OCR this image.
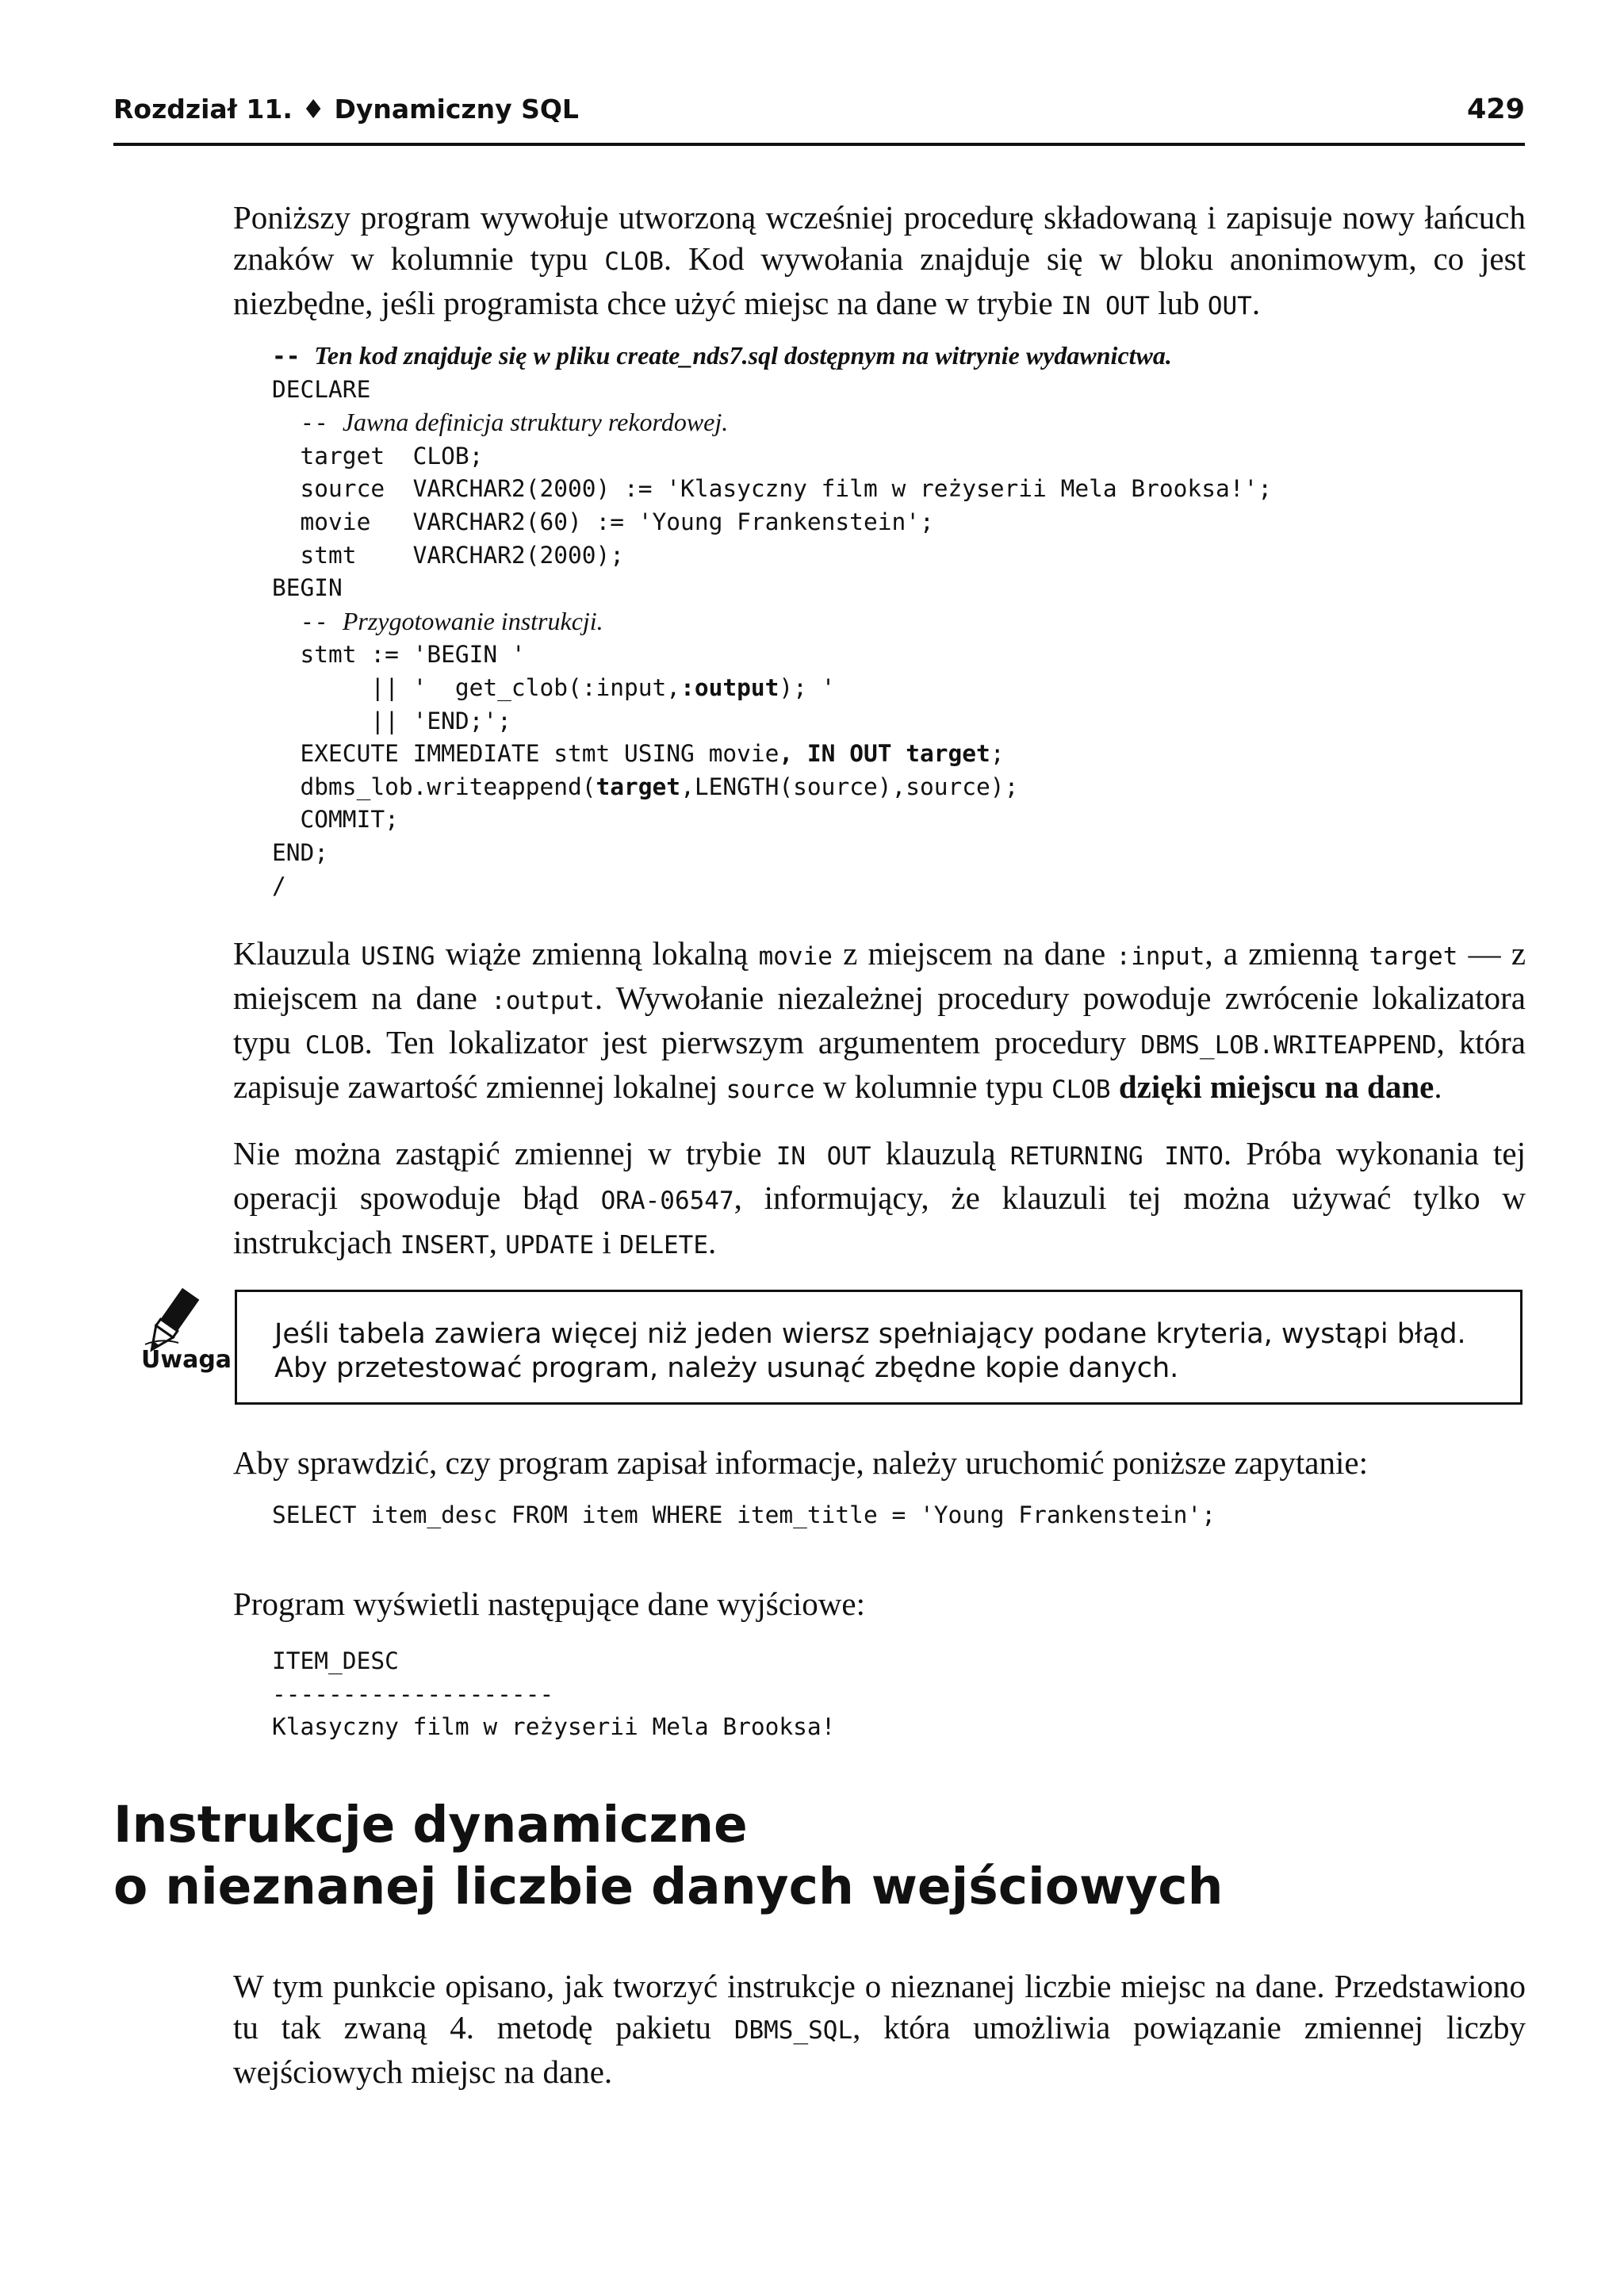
Rozdział 11. ♦ Dynamiczny SQL	429
Poniższy program wywołuje utworzoną wcześniej procedurę składowaną i zapisuje nowy łańcuch znaków w kolumnie typu CLOB. Kod wywołania znajduje się w bloku anonimowym, co jest niezbędne, jeśli programista chce użyć miejsc na dane w trybie IN OUT lub OUT.
-- Ten kod znajduje się w pliku create_nds7.sql dostępnym na witrynie wydawnictwa.
DECLARE
-- Jawna definicja struktury rekordowej.
target  CLOB;
source  VARCHAR2(2000) := 'Klasyczny film w reżyserii Mela Brooksa!';
movie   VARCHAR2(60) := 'Young Frankenstein';
stmt    VARCHAR2(2000);
BEGIN
-- Przygotowanie instrukcji.
stmt := 'BEGIN '
|| '  get_clob(:input,:output); '
|| 'END;';
EXECUTE IMMEDIATE stmt USING movie, IN OUT target;
dbms_lob.writeappend(target,LENGTH(source),source);
COMMIT;
END;
/
Klauzula USING wiąże zmienną lokalną movie z miejscem na dane :input, a zmienną target — z miejscem na dane :output. Wywołanie niezależnej procedury powoduje zwrócenie lokalizatora typu CLOB. Ten lokalizator jest pierwszym argumentem procedury DBMS_LOB.WRITEAPPEND, która zapisuje zawartość zmiennej lokalnej source w kolumnie typu CLOB dzięki miejscu na dane.
Nie można zastąpić zmiennej w trybie IN OUT klauzulą RETURNING INTO. Próba wykonania tej operacji spowoduje błąd ORA-06547, informujący, że klauzuli tej można używać tylko w instrukcjach INSERT, UPDATE i DELETE.
Uwaga
Jeśli tabela zawiera więcej niż jeden wiersz spełniający podane kryteria, wystąpi błąd. Aby przetestować program, należy usunąć zbędne kopie danych.
Aby sprawdzić, czy program zapisał informacje, należy uruchomić poniższe zapytanie:
SELECT item_desc FROM item WHERE item_title = 'Young Frankenstein';
Program wyświetli następujące dane wyjściowe:
ITEM_DESC
--------------------
Klasyczny film w reżyserii Mela Brooksa!
Instrukcje dynamiczne
o nieznanej liczbie danych wejściowych
W tym punkcie opisano, jak tworzyć instrukcje o nieznanej liczbie miejsc na dane. Przedstawiono tu tak zwaną 4. metodę pakietu DBMS_SQL, która umożliwia powiązanie zmiennej liczby wejściowych miejsc na dane.
